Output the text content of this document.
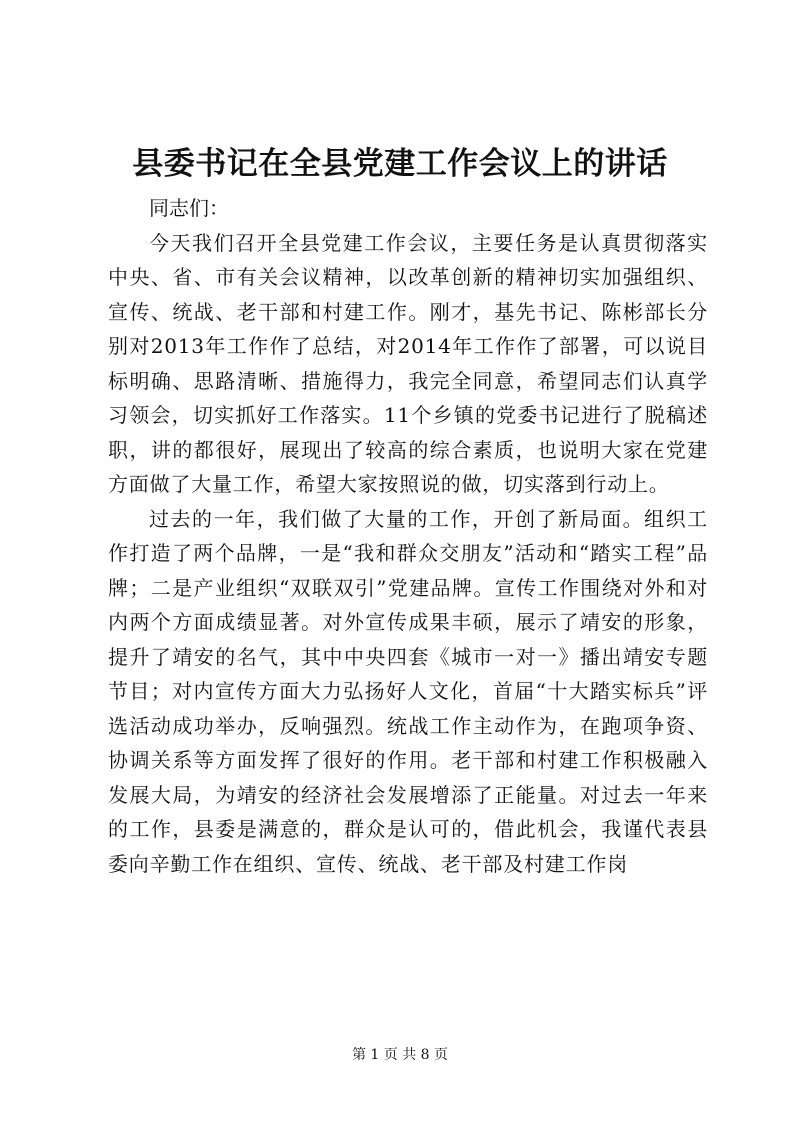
县委书记在全县党建工作会议上的讲话
同志们：

今天我们召开全县党建工作会议，主要任务是认真贯彻落实中央、省、市有关会议精神，以改革创新的精神切实加强组织、宣传、统战、老干部和村建工作。刚才，基先书记、陈彬部长分别对2013年工作作了总结，对2014年工作作了部署，可以说目标明确、思路清晰、措施得力，我完全同意，希望同志们认真学习领会，切实抓好工作落实。11个乡镇的党委书记进行了脱稿述职，讲的都很好，展现出了较高的综合素质，也说明大家在党建方面做了大量工作，希望大家按照说的做，切实落到行动上。

过去的一年，我们做了大量的工作，开创了新局面。组织工作打造了两个品牌，一是“我和群众交朋友”活动和“踏实工程”品牌；二是产业组织“双联双引”党建品牌。宣传工作围绕对外和对内两个方面成绩显著。对外宣传成果丰硕，展示了靖安的形象，提升了靖安的名气，其中中央四套《城市一对一》播出靖安专题节目；对内宣传方面大力弘扬好人文化，首届“十大踏实标兵”评选活动成功举办，反响强烈。统战工作主动作为，在跑项争资、协调关系等方面发挥了很好的作用。老干部和村建工作积极融入发展大局，为靖安的经济社会发展增添了正能量。对过去一年来的工作，县委是满意的，群众是认可的，借此机会，我谨代表县委向辛勤工作在组织、宣传、统战、老干部及村建工作岗

第 1 页 共 8 页
